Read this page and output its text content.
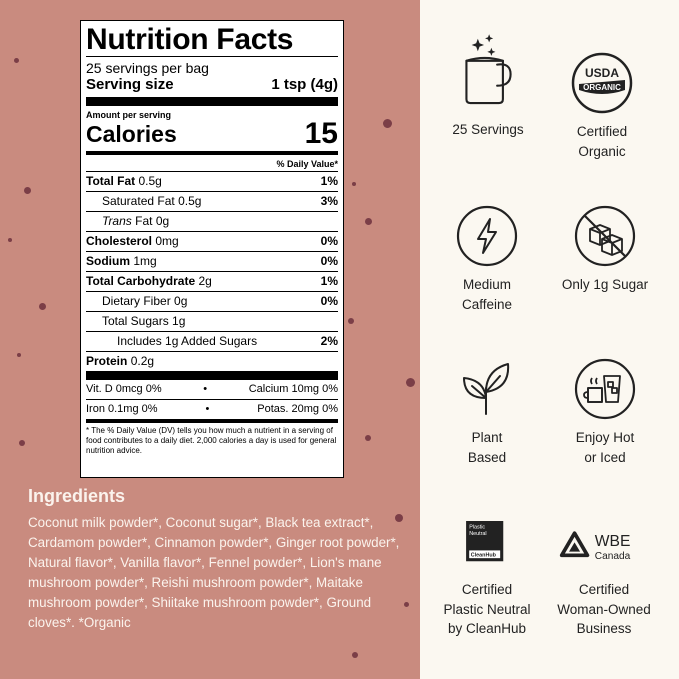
Nutrition Facts
25 servings per bag
Serving size	1 tsp (4g)
Amount per serving
Calories	15
% Daily Value*
Total Fat 0.5g	1%
Saturated Fat 0.5g	3%
Trans Fat 0g
Cholesterol 0mg	0%
Sodium 1mg	0%
Total Carbohydrate 2g	1%
Dietary Fiber 0g	0%
Total Sugars 1g
Includes 1g Added Sugars	2%
Protein 0.2g
Vit. D 0mcg 0%	•	Calcium 10mg 0%
Iron 0.1mg 0%	•	Potas. 20mg 0%
* The % Daily Value (DV) tells you how much a nutrient in a serving of food contributes to a daily diet. 2,000 calories a day is used for general nutrition advice.
Ingredients
Coconut milk powder*, Coconut sugar*, Black tea extract*, Cardamom powder*, Cinnamon powder*, Ginger root powder*, Natural flavor*, Vanilla flavor*, Fennel powder*, Lion's mane mushroom powder*, Reishi mushroom powder*, Maitake mushroom powder*, Shiitake mushroom powder*, Ground cloves*. *Organic
25 Servings
USDA
ORGANIC
Certified
Organic
Medium
Caffeine
Only 1g Sugar
Plant
Based
Enjoy Hot
or Iced
Plastic
Neutral
CleanHub
Certified
Plastic Neutral
by CleanHub
WBE
Canada
Certified
Woman-Owned
Business
